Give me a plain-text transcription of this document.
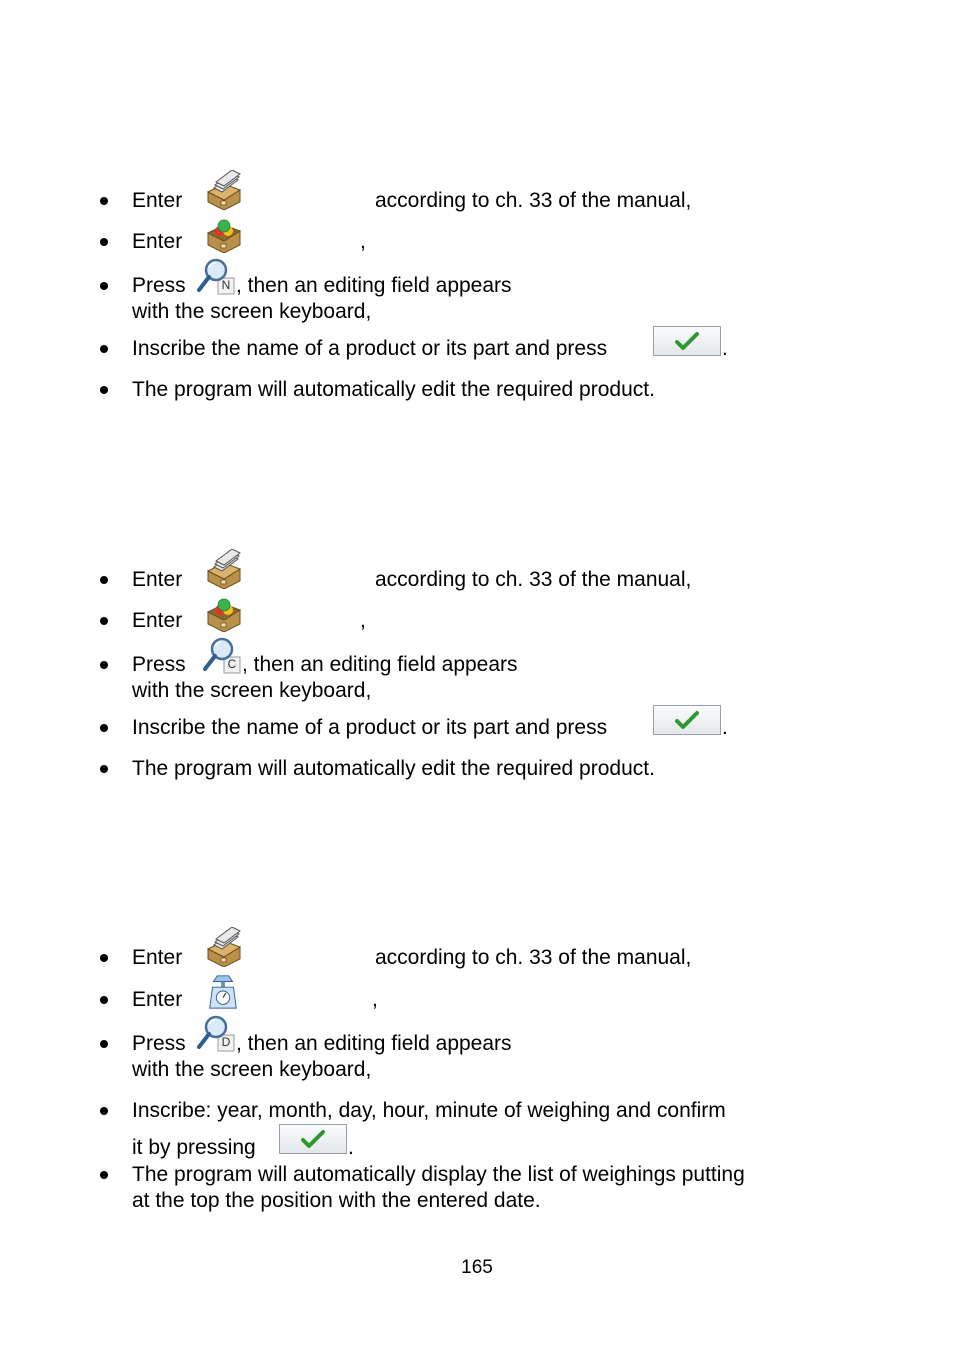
Enter	according to ch. 33 of the manual,
Enter	,
Press	N , then an editing field appears
with the screen keyboard,
Inscribe the name of a product or its part and press	.
The program will automatically edit the required product.
Enter	according to ch. 33 of the manual,
Enter	,
Press	C , then an editing field appears
with the screen keyboard,
Inscribe the name of a product or its part and press	.
The program will automatically edit the required product.
Enter	according to ch. 33 of the manual,
Enter	,
Press	D , then an editing field appears
with the screen keyboard,
Inscribe: year, month, day, hour, minute of weighing and confirm
it by pressing	.
The program will automatically display the list of weighings putting
at the top the position with the entered date.
165
